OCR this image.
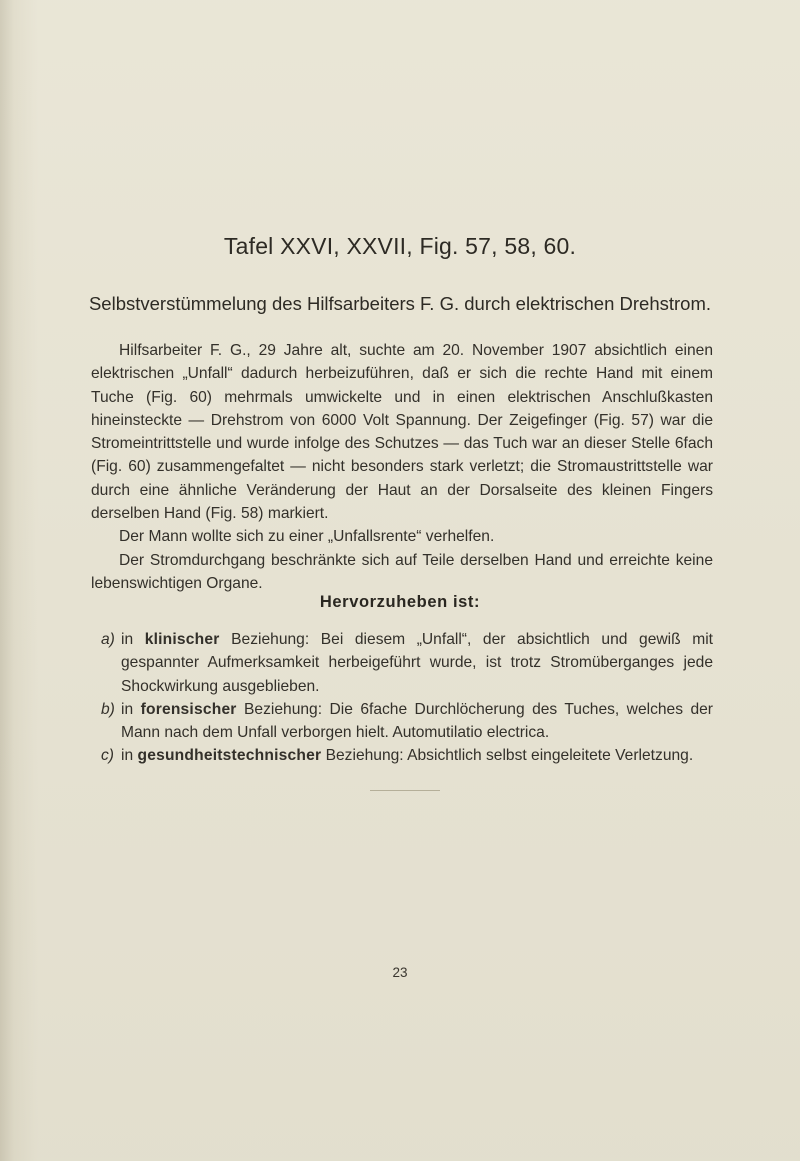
Tafel XXVI, XXVII, Fig. 57, 58, 60.
Selbstverstümmelung des Hilfsarbeiters F. G. durch elektrischen Drehstrom.

Hilfsarbeiter F. G., 29 Jahre alt, suchte am 20. November 1907 absichtlich einen elektrischen „Unfall“ dadurch herbeizuführen, daß er sich die rechte Hand mit einem Tuche (Fig. 60) mehrmals umwickelte und in einen elektrischen Anschlußkasten hineinsteckte — Drehstrom von 6000 Volt Spannung. Der Zeigefinger (Fig. 57) war die Stromeintrittstelle und wurde infolge des Schutzes — das Tuch war an dieser Stelle 6fach (Fig. 60) zusammengefaltet — nicht besonders stark verletzt; die Stromaustrittstelle war durch eine ähnliche Veränderung der Haut an der Dorsalseite des kleinen Fingers derselben Hand (Fig. 58) markiert.

Der Mann wollte sich zu einer „Unfallsrente“ verhelfen.

Der Stromdurchgang beschränkte sich auf Teile derselben Hand und erreichte keine lebenswichtigen Organe.

Hervorzuheben ist:

a) in klinischer Beziehung: Bei diesem „Unfall“, der absichtlich und gewiß mit gespannter Aufmerksamkeit herbeigeführt wurde, ist trotz Stromüberganges jede Shockwirkung ausgeblieben.

b) in forensischer Beziehung: Die 6fache Durchlöcherung des Tuches, welches der Mann nach dem Unfall verborgen hielt. Automutilatio electrica.

c) in gesundheitstechnischer Beziehung: Absichtlich selbst eingeleitete Verletzung.

23
